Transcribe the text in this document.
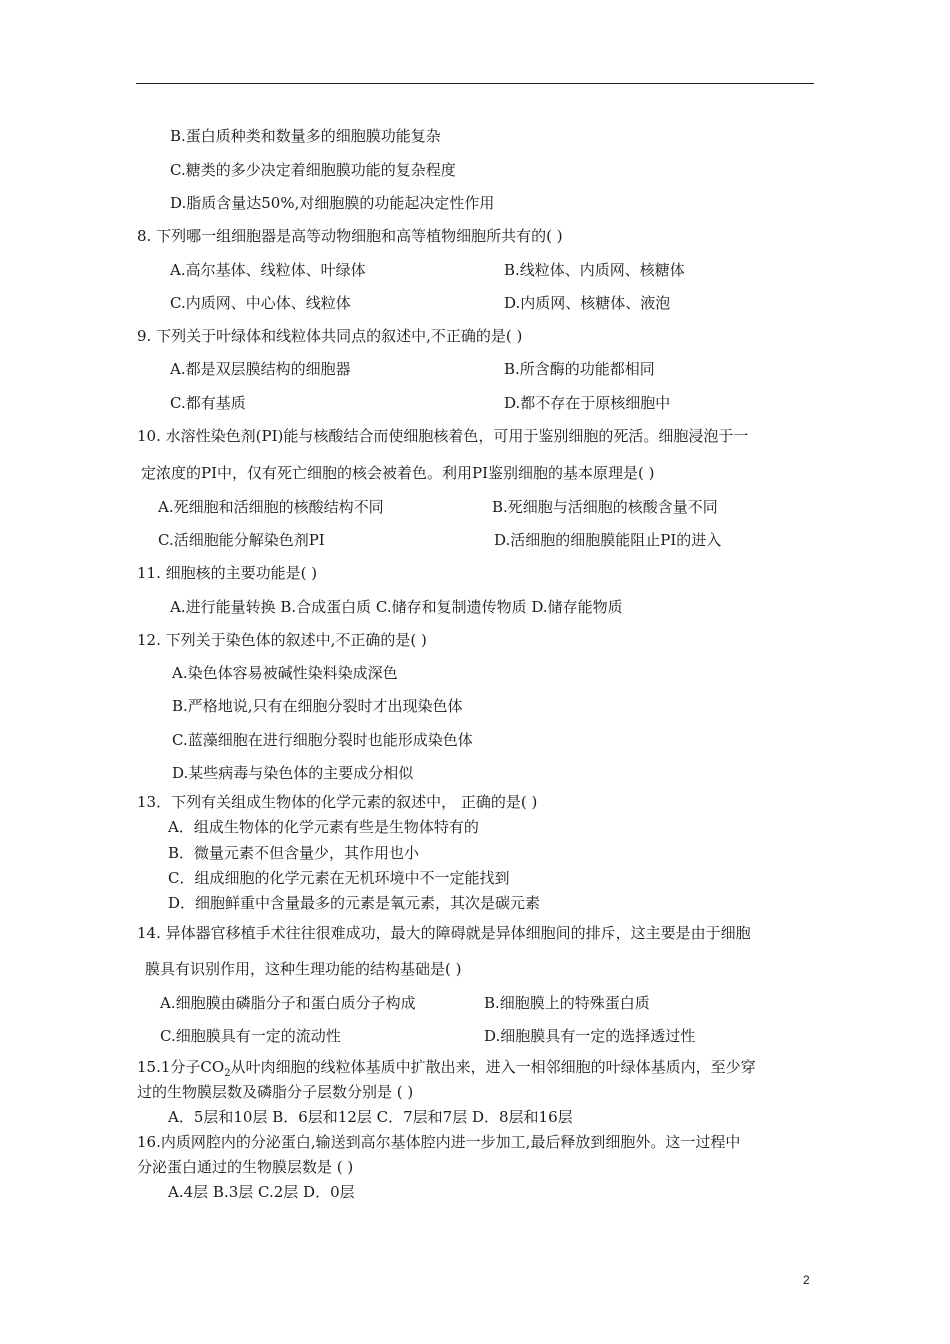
B.蛋白质种类和数量多的细胞膜功能复杂
C.糖类的多少决定着细胞膜功能的复杂程度
D.脂质含量达50%,对细胞膜的功能起决定性作用
8. 下列哪一组细胞器是高等动物细胞和高等植物细胞所共有的( )
A.高尔基体、线粒体、叶绿体	B.线粒体、内质网、核糖体
C.内质网、中心体、线粒体	D.内质网、核糖体、液泡
9. 下列关于叶绿体和线粒体共同点的叙述中,不正确的是( )
A.都是双层膜结构的细胞器	B.所含酶的功能都相同
C.都有基质	D.都不存在于原核细胞中
10. 水溶性染色剂(PI)能与核酸结合而使细胞核着色，可用于鉴别细胞的死活。细胞浸泡于一
定浓度的PI中，仅有死亡细胞的核会被着色。利用PI鉴别细胞的基本原理是( )
A.死细胞和活细胞的核酸结构不同	B.死细胞与活细胞的核酸含量不同
C.活细胞能分解染色剂PI	D.活细胞的细胞膜能阻止PI的进入
11. 细胞核的主要功能是( )
A.进行能量转换 B.合成蛋白质 C.储存和复制遗传物质 D.储存能物质
12. 下列关于染色体的叙述中,不正确的是( )
A.染色体容易被碱性染料染成深色
B.严格地说,只有在细胞分裂时才出现染色体
C.蓝藻细胞在进行细胞分裂时也能形成染色体
D.某些病毒与染色体的主要成分相似
13．下列有关组成生物体的化学元素的叙述中， 正确的是( )
A．组成生物体的化学元素有些是生物体特有的
B．微量元素不但含量少，其作用也小
C．组成细胞的化学元素在无机环境中不一定能找到
D．细胞鲜重中含量最多的元素是氧元素，其次是碳元素
14. 异体器官移植手术往往很难成功，最大的障碍就是异体细胞间的排斥，这主要是由于细胞
膜具有识别作用，这种生理功能的结构基础是( )
A.细胞膜由磷脂分子和蛋白质分子构成	B.细胞膜上的特殊蛋白质
C.细胞膜具有一定的流动性	D.细胞膜具有一定的选择透过性
15.1分子$CO_2$从叶肉细胞的线粒体基质中扩散出来，进入一相邻细胞的叶绿体基质内，至少穿
过的生物膜层数及磷脂分子层数分别是 ( )
A．5层和10层 B．6层和12层 C．7层和7层 D．8层和16层
16.内质网腔内的分泌蛋白,输送到高尔基体腔内进一步加工,最后释放到细胞外。这一过程中
分泌蛋白通过的生物膜层数是 ( )
A.4层 B.3层 C.2层 D．0层
2
